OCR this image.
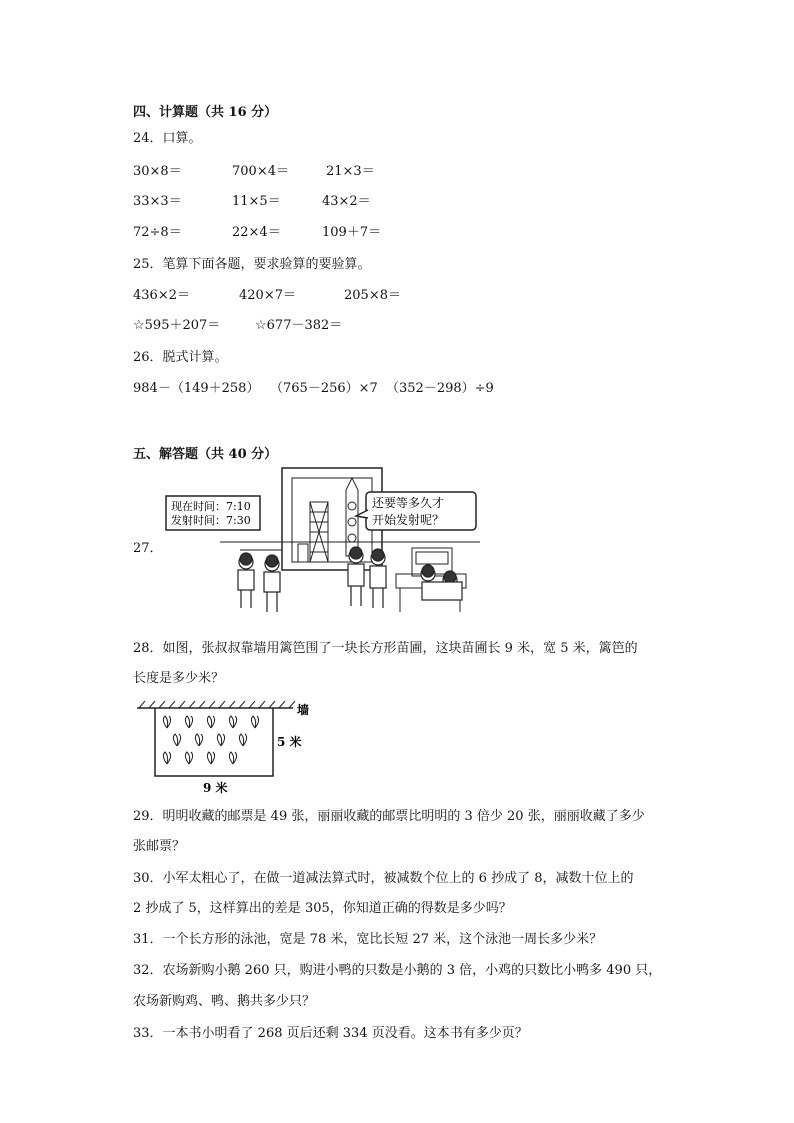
四、计算题（共 16 分）
24．口算。
30×8＝	700×4＝	21×3＝
33×3＝	11×5＝	43×2＝
72÷8＝	22×4＝	109＋7＝
25．笔算下面各题，要求验算的要验算。
436×2＝	420×7＝	205×8＝
☆595＋207＝	☆677－382＝
26．脱式计算。
984－（149＋258） （765－256）×7 （352－298）÷9
五、解答题（共 40 分）
27．
现在时间：7:10
发射时间：7:30
还要等多久才
开始发射呢？
28．如图，张叔叔靠墙用篱笆围了一块长方形苗圃，这块苗圃长 9 米，宽 5 米，篱笆的
长度是多少米？
墙
5 米
9 米
29．明明收藏的邮票是 49 张，丽丽收藏的邮票比明明的 3 倍少 20 张，丽丽收藏了多少
张邮票？
30．小军太粗心了，在做一道减法算式时，被减数个位上的 6 抄成了 8，减数十位上的
2 抄成了 5，这样算出的差是 305，你知道正确的得数是多少吗？
31．一个长方形的泳池，宽是 78 米，宽比长短 27 米，这个泳池一周长多少米？
32．农场新购小鹅 260 只，购进小鸭的只数是小鹅的 3 倍，小鸡的只数比小鸭多 490 只，
农场新购鸡、鸭、鹅共多少只？
33．一本书小明看了 268 页后还剩 334 页没看。这本书有多少页？
